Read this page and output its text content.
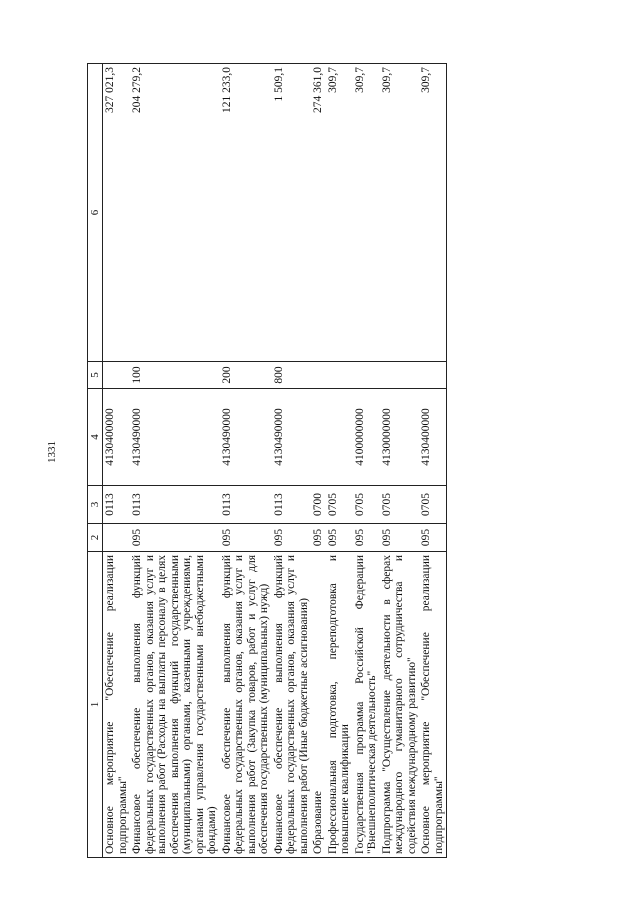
1331
1	2	3	4	5	6
Основное мероприятие "Обеспечение реализации подпрограммы"		0113	4130400000		327 021,3
Финансовое обеспечение выполнения функций федеральных государственных органов, оказания услуг и выполнения работ (Расходы на выплаты персоналу в целях обеспечения выполнения функций государственными (муниципальными) органами, казенными учреждениями, органами управления государственными внебюджетными фондами)	095	0113	4130490000	100	204 279,2
Финансовое обеспечение выполнения функций федеральных государственных органов, оказания услуг и выполнения работ (Закупка товаров, работ и услуг для обеспечения государственных (муниципальных) нужд)	095	0113	4130490000	200	121 233,0
Финансовое обеспечение выполнения функций федеральных государственных органов, оказания услуг и выполнения работ (Иные бюджетные ассигнования)	095	0113	4130490000	800	1 509,1
Образование	095	0700			274 361,0
Профессиональная подготовка, переподготовка и повышение квалификации	095	0705			309,7
Государственная программа Российской Федерации "Внешнеполитическая деятельность"	095	0705	4100000000		309,7
Подпрограмма "Осуществление деятельности в сферах международного гуманитарного сотрудничества и содействия международному развитию"	095	0705	4130000000		309,7
Основное мероприятие "Обеспечение реализации подпрограммы"	095	0705	4130400000		309,7
